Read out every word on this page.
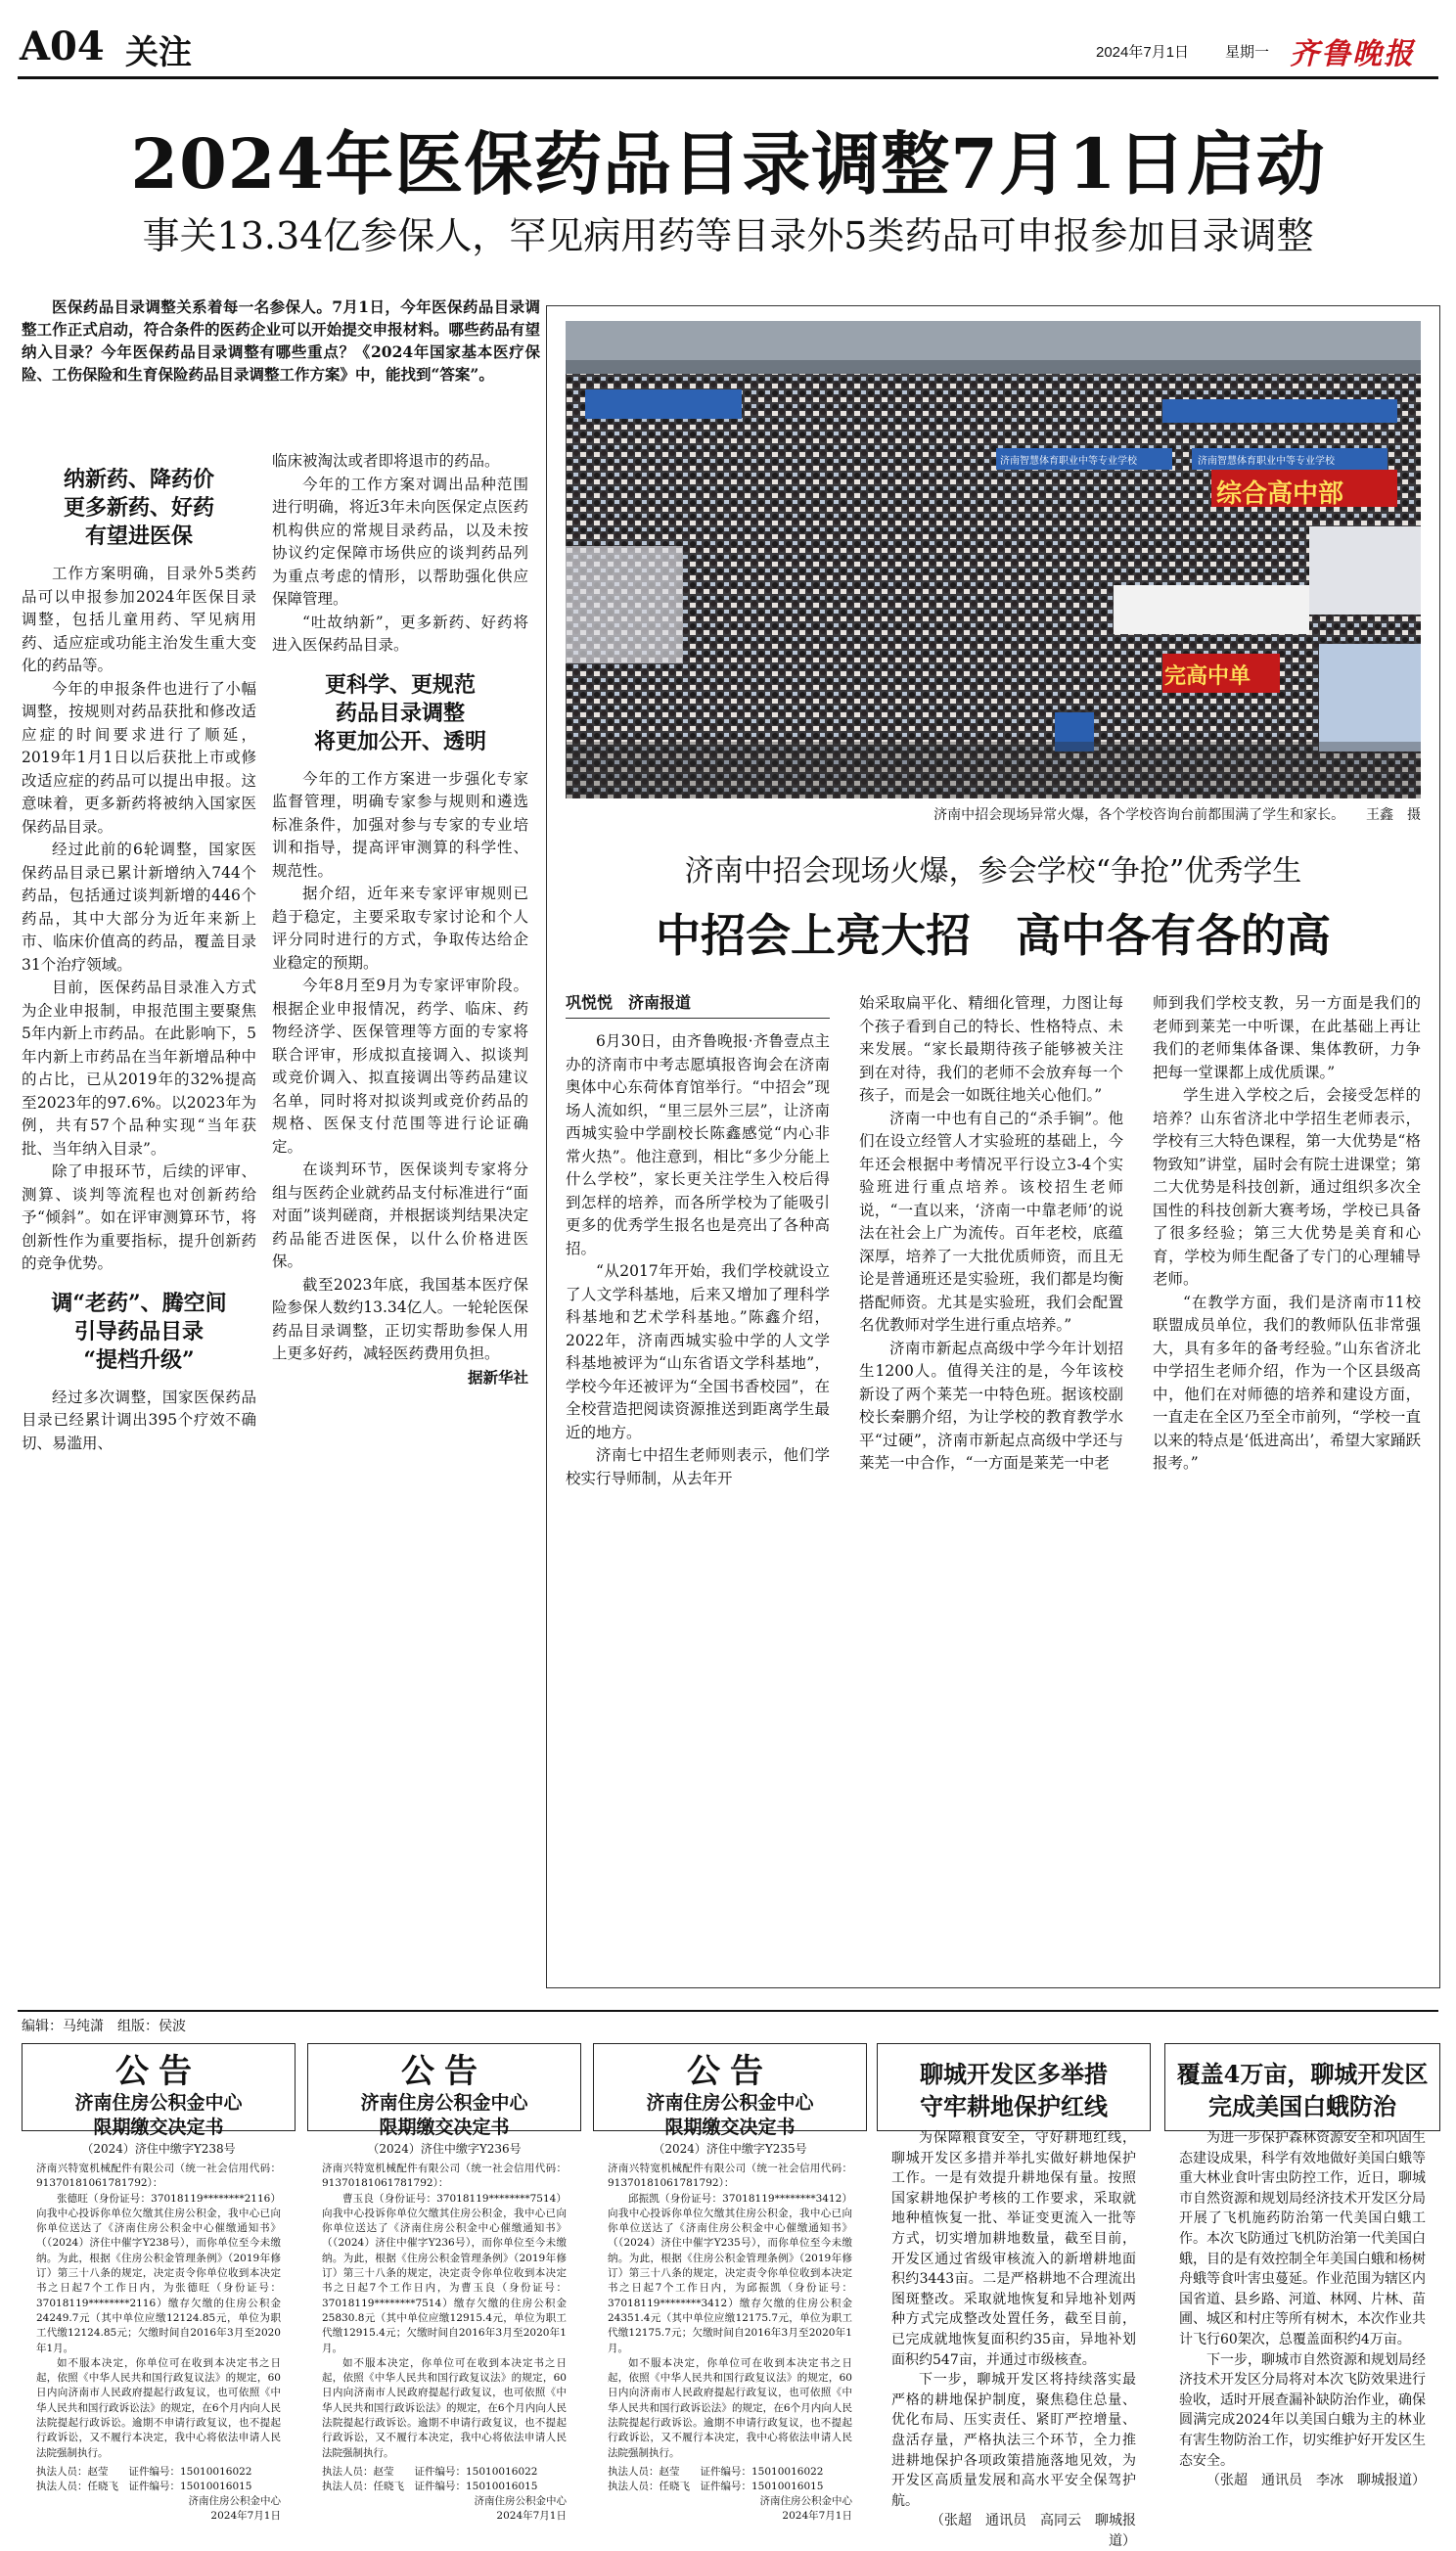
A04 关注	2024年7月1日 星期一 齐鲁晚报
2024年医保药品目录调整7月1日启动
事关13.34亿参保人，罕见病用药等目录外5类药品可申报参加目录调整

医保药品目录调整关系着每一名参保人。7月1日，今年医保药品目录调整工作正式启动，符合条件的医药企业可以开始提交申报材料。哪些药品有望纳入目录？今年医保药品目录调整有哪些重点？《2024年国家基本医疗保险、工伤保险和生育保险药品目录调整工作方案》中，能找到“答案”。

纳新药、降药价
更多新药、好药
有望进医保

工作方案明确，目录外5类药品可以申报参加2024年医保目录调整，包括儿童用药、罕见病用药、适应症或功能主治发生重大变化的药品等。

今年的申报条件也进行了小幅调整，按规则对药品获批和修改适应症的时间要求进行了顺延，2019年1月1日以后获批上市或修改适应症的药品可以提出申报。这意味着，更多新药将被纳入国家医保药品目录。

经过此前的6轮调整，国家医保药品目录已累计新增纳入744个药品，包括通过谈判新增的446个药品，其中大部分为近年来新上市、临床价值高的药品，覆盖目录31个治疗领域。

目前，医保药品目录准入方式为企业申报制，申报范围主要聚焦5年内新上市药品。在此影响下，5年内新上市药品在当年新增品种中的占比，已从2019年的32%提高至2023年的97.6%。以2023年为例，共有57个品种实现“当年获批、当年纳入目录”。

除了申报环节，后续的评审、测算、谈判等流程也对创新药给予“倾斜”。如在评审测算环节，将创新性作为重要指标，提升创新药的竞争优势。

调“老药”、腾空间
引导药品目录
“提档升级”

经过多次调整，国家医保药品目录已经累计调出395个疗效不确切、易滥用、

临床被淘汰或者即将退市的药品。

今年的工作方案对调出品种范围进行明确，将近3年未向医保定点医药机构供应的常规目录药品，以及未按协议约定保障市场供应的谈判药品列为重点考虑的情形，以帮助强化供应保障管理。

“吐故纳新”，更多新药、好药将进入医保药品目录。

更科学、更规范
药品目录调整
将更加公开、透明

今年的工作方案进一步强化专家监督管理，明确专家参与规则和遴选标准条件，加强对参与专家的专业培训和指导，提高评审测算的科学性、规范性。

据介绍，近年来专家评审规则已趋于稳定，主要采取专家讨论和个人评分同时进行的方式，争取传达给企业稳定的预期。

今年8月至9月为专家评审阶段。根据企业申报情况，药学、临床、药物经济学、医保管理等方面的专家将联合评审，形成拟直接调入、拟谈判或竞价调入、拟直接调出等药品建议名单，同时将对拟谈判或竞价药品的规格、医保支付范围等进行论证确定。

在谈判环节，医保谈判专家将分组与医药企业就药品支付标准进行“面对面”谈判磋商，并根据谈判结果决定药品能否进医保，以什么价格进医保。

截至2023年底，我国基本医疗保险参保人数约13.34亿人。一轮轮医保药品目录调整，正切实帮助参保人用上更多好药，减轻医药费用负担。

据新华社
综合高中部
完高中单
济南智慧体育职业中等专业学校	济南智慧体育职业中等专业学校
济南中招会现场异常火爆，各个学校咨询台前都围满了学生和家长。 王鑫　摄
济南中招会现场火爆，参会学校“争抢”优秀学生
中招会上亮大招　高中各有各的高
巩悦悦　济南报道

6月30日，由齐鲁晚报·齐鲁壹点主办的济南市中考志愿填报咨询会在济南奥体中心东荷体育馆举行。“中招会”现场人流如织，“里三层外三层”，让济南西城实验中学副校长陈鑫感觉“内心非常火热”。他注意到，相比“多少分能上什么学校”，家长更关注学生入校后得到怎样的培养，而各所学校为了能吸引更多的优秀学生报名也是亮出了各种高招。

“从2017年开始，我们学校就设立了人文学科基地，后来又增加了理科学科基地和艺术学科基地。”陈鑫介绍，2022年，济南西城实验中学的人文学科基地被评为“山东省语文学科基地”，学校今年还被评为“全国书香校园”，在全校营造把阅读资源推送到距离学生最近的地方。

济南七中招生老师则表示，他们学校实行导师制，从去年开

始采取扁平化、精细化管理，力图让每个孩子看到自己的特长、性格特点、未来发展。“家长最期待孩子能够被关注到在对待，我们的老师不会放弃每一个孩子，而是会一如既往地关心他们。”

济南一中也有自己的“杀手锏”。他们在设立经管人才实验班的基础上，今年还会根据中考情况平行设立3-4个实验班进行重点培养。该校招生老师说，“一直以来，‘济南一中靠老师’的说法在社会上广为流传。百年老校，底蕴深厚，培养了一大批优质师资，而且无论是普通班还是实验班，我们都是均衡搭配师资。尤其是实验班，我们会配置名优教师对学生进行重点培养。”

济南市新起点高级中学今年计划招生1200人。值得关注的是，今年该校新设了两个莱芜一中特色班。据该校副校长秦鹏介绍，为让学校的教育教学水平“过硬”，济南市新起点高级中学还与莱芜一中合作，“一方面是莱芜一中老

师到我们学校支教，另一方面是我们的老师到莱芜一中听课，在此基础上再让我们的老师集体备课、集体教研，力争把每一堂课都上成优质课。”

学生进入学校之后，会接受怎样的培养？山东省济北中学招生老师表示，学校有三大特色课程，第一大优势是“格物致知”讲堂，届时会有院士进课堂；第二大优势是科技创新，通过组织多次全国性的科技创新大赛考场，学校已具备了很多经验；第三大优势是美育和心育，学校为师生配备了专门的心理辅导老师。

“在教学方面，我们是济南市11校联盟成员单位，我们的教师队伍非常强大，具有多年的备考经验。”山东省济北中学招生老师介绍，作为一个区县级高中，他们在对师德的培养和建设方面，一直走在全区乃至全市前列，“学校一直以来的特点是‘低进高出’，希望大家踊跃报考。”

编辑：马纯潇　组版：侯波
公告
济南住房公积金中心
限期缴交决定书
（2024）济住中缴字Y238号
济南兴特宽机械配件有限公司（统一社会信用代码：91370181061781792）：

张德旺（身份证号：37018119********2116）向我中心投诉你单位欠缴其住房公积金，我中心已向你单位送达了《济南住房公积金中心催缴通知书》（（2024）济住中催字Y238号），而你单位至今未缴纳。为此，根据《住房公积金管理条例》（2019年修订）第三十八条的规定，决定责令你单位收到本决定书之日起7个工作日内，为张德旺（身份证号：37018119********2116）缴存欠缴的住房公积金24249.7元（其中单位应缴12124.85元，单位为职工代缴12124.85元；欠缴时间自2016年3月至2020年1月。

如不服本决定，你单位可在收到本决定书之日起，依照《中华人民共和国行政复议法》的规定，60日内向济南市人民政府提起行政复议，也可依照《中华人民共和国行政诉讼法》的规定，在6个月内向人民法院提起行政诉讼。逾期不申请行政复议，也不提起行政诉讼，又不履行本决定，我中心将依法申请人民法院强制执行。

执法人员：赵莹　　证件编号：15010016022
执法人员：任晓飞　证件编号：15010016015
济南住房公积金中心
2024年7月1日
公告
济南住房公积金中心
限期缴交决定书
（2024）济住中缴字Y236号
济南兴特宽机械配件有限公司（统一社会信用代码：91370181061781792）：

曹玉良（身份证号：37018119********7514）向我中心投诉你单位欠缴其住房公积金，我中心已向你单位送达了《济南住房公积金中心催缴通知书》（（2024）济住中催字Y236号），而你单位至今未缴纳。为此，根据《住房公积金管理条例》（2019年修订）第三十八条的规定，决定责令你单位收到本决定书之日起7个工作日内，为曹玉良（身份证号：37018119********7514）缴存欠缴的住房公积金25830.8元（其中单位应缴12915.4元，单位为职工代缴12915.4元；欠缴时间自2016年3月至2020年1月。

如不服本决定，你单位可在收到本决定书之日起，依照《中华人民共和国行政复议法》的规定，60日内向济南市人民政府提起行政复议，也可依照《中华人民共和国行政诉讼法》的规定，在6个月内向人民法院提起行政诉讼。逾期不申请行政复议，也不提起行政诉讼，又不履行本决定，我中心将依法申请人民法院强制执行。

执法人员：赵莹　　证件编号：15010016022
执法人员：任晓飞　证件编号：15010016015
济南住房公积金中心
2024年7月1日
公告
济南住房公积金中心
限期缴交决定书
（2024）济住中缴字Y235号
济南兴特宽机械配件有限公司（统一社会信用代码：91370181061781792）：

邱振凯（身份证号：37018119********3412）向我中心投诉你单位欠缴其住房公积金，我中心已向你单位送达了《济南住房公积金中心催缴通知书》（（2024）济住中催字Y235号），而你单位至今未缴纳。为此，根据《住房公积金管理条例》（2019年修订）第三十八条的规定，决定责令你单位收到本决定书之日起7个工作日内，为邱振凯（身份证号：37018119********3412）缴存欠缴的住房公积金24351.4元（其中单位应缴12175.7元，单位为职工代缴12175.7元；欠缴时间自2016年3月至2020年1月。

如不服本决定，你单位可在收到本决定书之日起，依照《中华人民共和国行政复议法》的规定，60日内向济南市人民政府提起行政复议，也可依照《中华人民共和国行政诉讼法》的规定，在6个月内向人民法院提起行政诉讼。逾期不申请行政复议，也不提起行政诉讼，又不履行本决定，我中心将依法申请人民法院强制执行。

执法人员：赵莹　　证件编号：15010016022
执法人员：任晓飞　证件编号：15010016015
济南住房公积金中心
2024年7月1日
聊城开发区多举措
守牢耕地保护红线

为保障粮食安全，守好耕地红线，聊城开发区多措并举扎实做好耕地保护工作。一是有效提升耕地保有量。按照国家耕地保护考核的工作要求，采取就地种植恢复一批、举证变更流入一批等方式，切实增加耕地数量，截至目前，开发区通过省级审核流入的新增耕地面积约3443亩。二是严格耕地不合理流出图斑整改。采取就地恢复和异地补划两种方式完成整改处置任务，截至目前，已完成就地恢复面积约35亩，异地补划面积约547亩，并通过市级核查。

下一步，聊城开发区将持续落实最严格的耕地保护制度，聚焦稳住总量、优化布局、压实责任、紧盯严控增量、盘活存量，严格执法三个环节，全力推进耕地保护各项政策措施落地见效，为开发区高质量发展和高水平安全保驾护航。

（张超　通讯员　高同云　聊城报道）

覆盖4万亩，聊城开发区
完成美国白蛾防治

为进一步保护森林资源安全和巩固生态建设成果，科学有效地做好美国白蛾等重大林业食叶害虫防控工作，近日，聊城市自然资源和规划局经济技术开发区分局开展了飞机施药防治第一代美国白蛾工作。本次飞防通过飞机防治第一代美国白蛾，目的是有效控制全年美国白蛾和杨树舟蛾等食叶害虫蔓延。作业范围为辖区内国省道、县乡路、河道、林网、片林、苗圃、城区和村庄等所有树木，本次作业共计飞行60架次，总覆盖面积约4万亩。

下一步，聊城市自然资源和规划局经济技术开发区分局将对本次飞防效果进行验收，适时开展查漏补缺防治作业，确保圆满完成2024年以美国白蛾为主的林业有害生物防治工作，切实维护好开发区生态安全。

（张超　通讯员　李冰　聊城报道）
